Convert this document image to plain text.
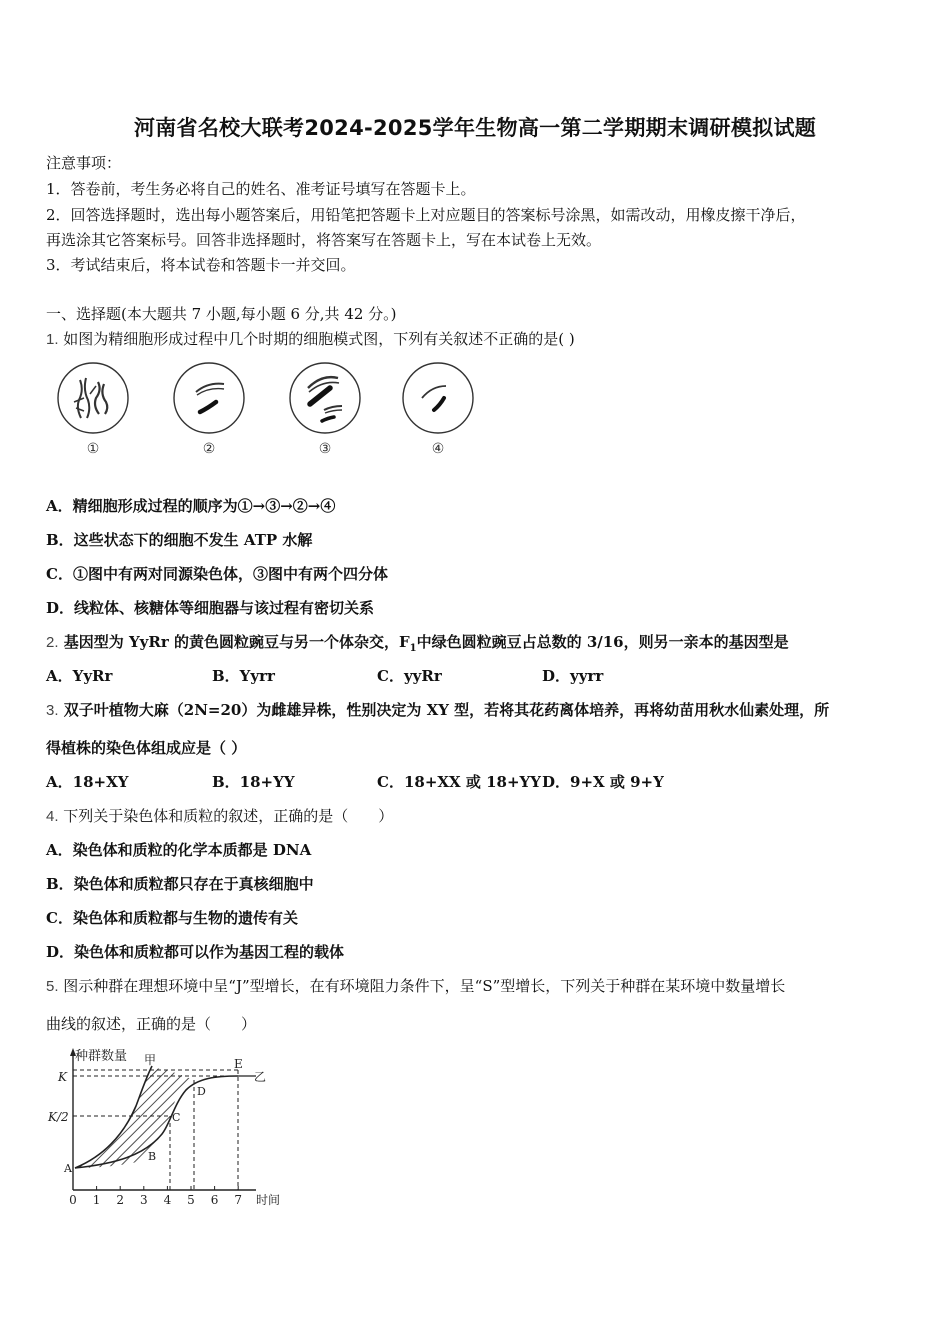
河南省名校大联考2024-2025学年生物高一第二学期期末调研模拟试题
注意事项：
1．答卷前，考生务必将自己的姓名、准考证号填写在答题卡上。
2．回答选择题时，选出每小题答案后，用铅笔把答题卡上对应题目的答案标号涂黑，如需改动，用橡皮擦干净后，
再选涂其它答案标号。回答非选择题时，将答案写在答题卡上，写在本试卷上无效。
3．考试结束后，将本试卷和答题卡一并交回。
一、选择题(本大题共 7 小题,每小题 6 分,共 42 分。)
1. 如图为精细胞形成过程中几个时期的细胞模式图，下列有关叙述不正确的是( )
①	②	③	④
A．精细胞形成过程的顺序为①→③→②→④
B．这些状态下的细胞不发生 ATP 水解
C．①图中有两对同源染色体，③图中有两个四分体
D．线粒体、核糖体等细胞器与该过程有密切关系
2. 基因型为 YyRr 的黄色圆粒豌豆与另一个体杂交，$F_1$中绿色圆粒豌豆占总数的 3/16，则另一亲本的基因型是
A．YyRr	B．Yyrr	C．yyRr	D．yyrr
3. 双子叶植物大麻（2N=20）为雌雄异株，性别决定为 XY 型，若将其花药离体培养，再将幼苗用秋水仙素处理，所
得植株的染色体组成应是（ ）
A．18+XY	B．18+YY	C．18+XX 或 18+YY D．9+X 或 9+Y
4. 下列关于染色体和质粒的叙述，正确的是（　　）
A．染色体和质粒的化学本质都是 DNA
B．染色体和质粒都只存在于真核细胞中
C．染色体和质粒都与生物的遗传有关
D．染色体和质粒都可以作为基因工程的载体
5. 图示种群在理想环境中呈“J”型增长，在有环境阻力条件下，呈“S”型增长，下列关于种群在某环境中数量增长
曲线的叙述，正确的是（　　）
种群数量
时间
K
K/2
甲	E
乙
D
C
B
A
0 1 2 3 4 5 6 7
